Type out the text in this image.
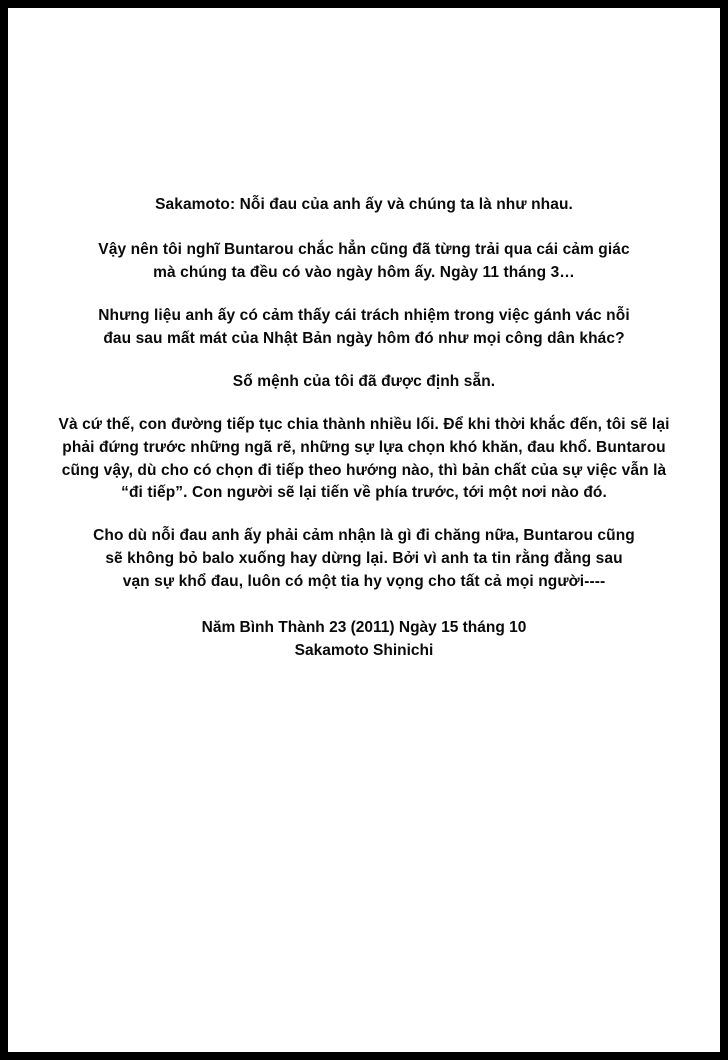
Sakamoto: Nỗi đau của anh ấy và chúng ta là như nhau.

Vậy nên tôi nghĩ Buntarou chắc hẳn cũng đã từng trải qua cái cảm giác mà chúng ta đều có vào ngày hôm ấy. Ngày 11 tháng 3…

Nhưng liệu anh ấy có cảm thấy cái trách nhiệm trong việc gánh vác nỗi đau sau mất mát của Nhật Bản ngày hôm đó như mọi công dân khác?

Số mệnh của tôi đã được định sẵn.

Và cứ thế, con đường tiếp tục chia thành nhiều lối. Để khi thời khắc đến, tôi sẽ lại phải đứng trước những ngã rẽ, những sự lựa chọn khó khăn, đau khổ. Buntarou cũng vậy, dù cho có chọn đi tiếp theo hướng nào, thì bản chất của sự việc vẫn là “đi tiếp”. Con người sẽ lại tiến về phía trước, tới một nơi nào đó.

Cho dù nỗi đau anh ấy phải cảm nhận là gì đi chăng nữa, Buntarou cũng sẽ không bỏ balo xuống hay dừng lại. Bởi vì anh ta tin rằng đằng sau vạn sự khổ đau, luôn có một tia hy vọng cho tất cả mọi người----

Năm Bình Thành 23 (2011) Ngày 15 tháng 10
Sakamoto Shinichi
